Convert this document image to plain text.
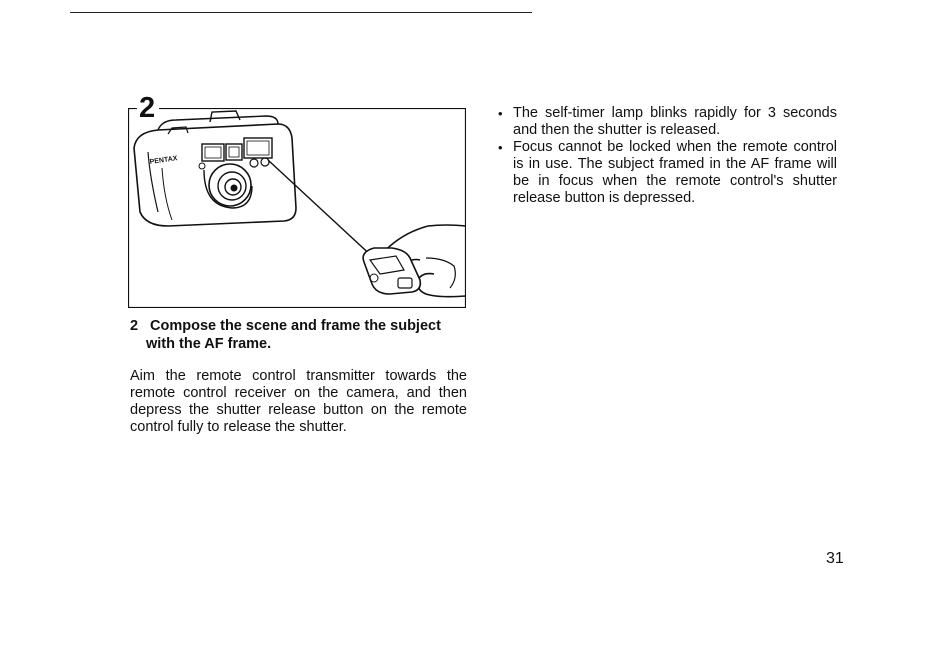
PENTAX
2
2 Compose the scene and frame the subject with the AF frame.

Aim the remote control transmitter towards the remote control receiver on the camera, and then depress the shutter release button on the remote control fully to release the shutter.

• The self-timer lamp blinks rapidly for 3 seconds and then the shutter is released.
• Focus cannot be locked when the remote control is in use. The subject framed in the AF frame will be in focus when the remote control's shutter release button is depressed.
31
